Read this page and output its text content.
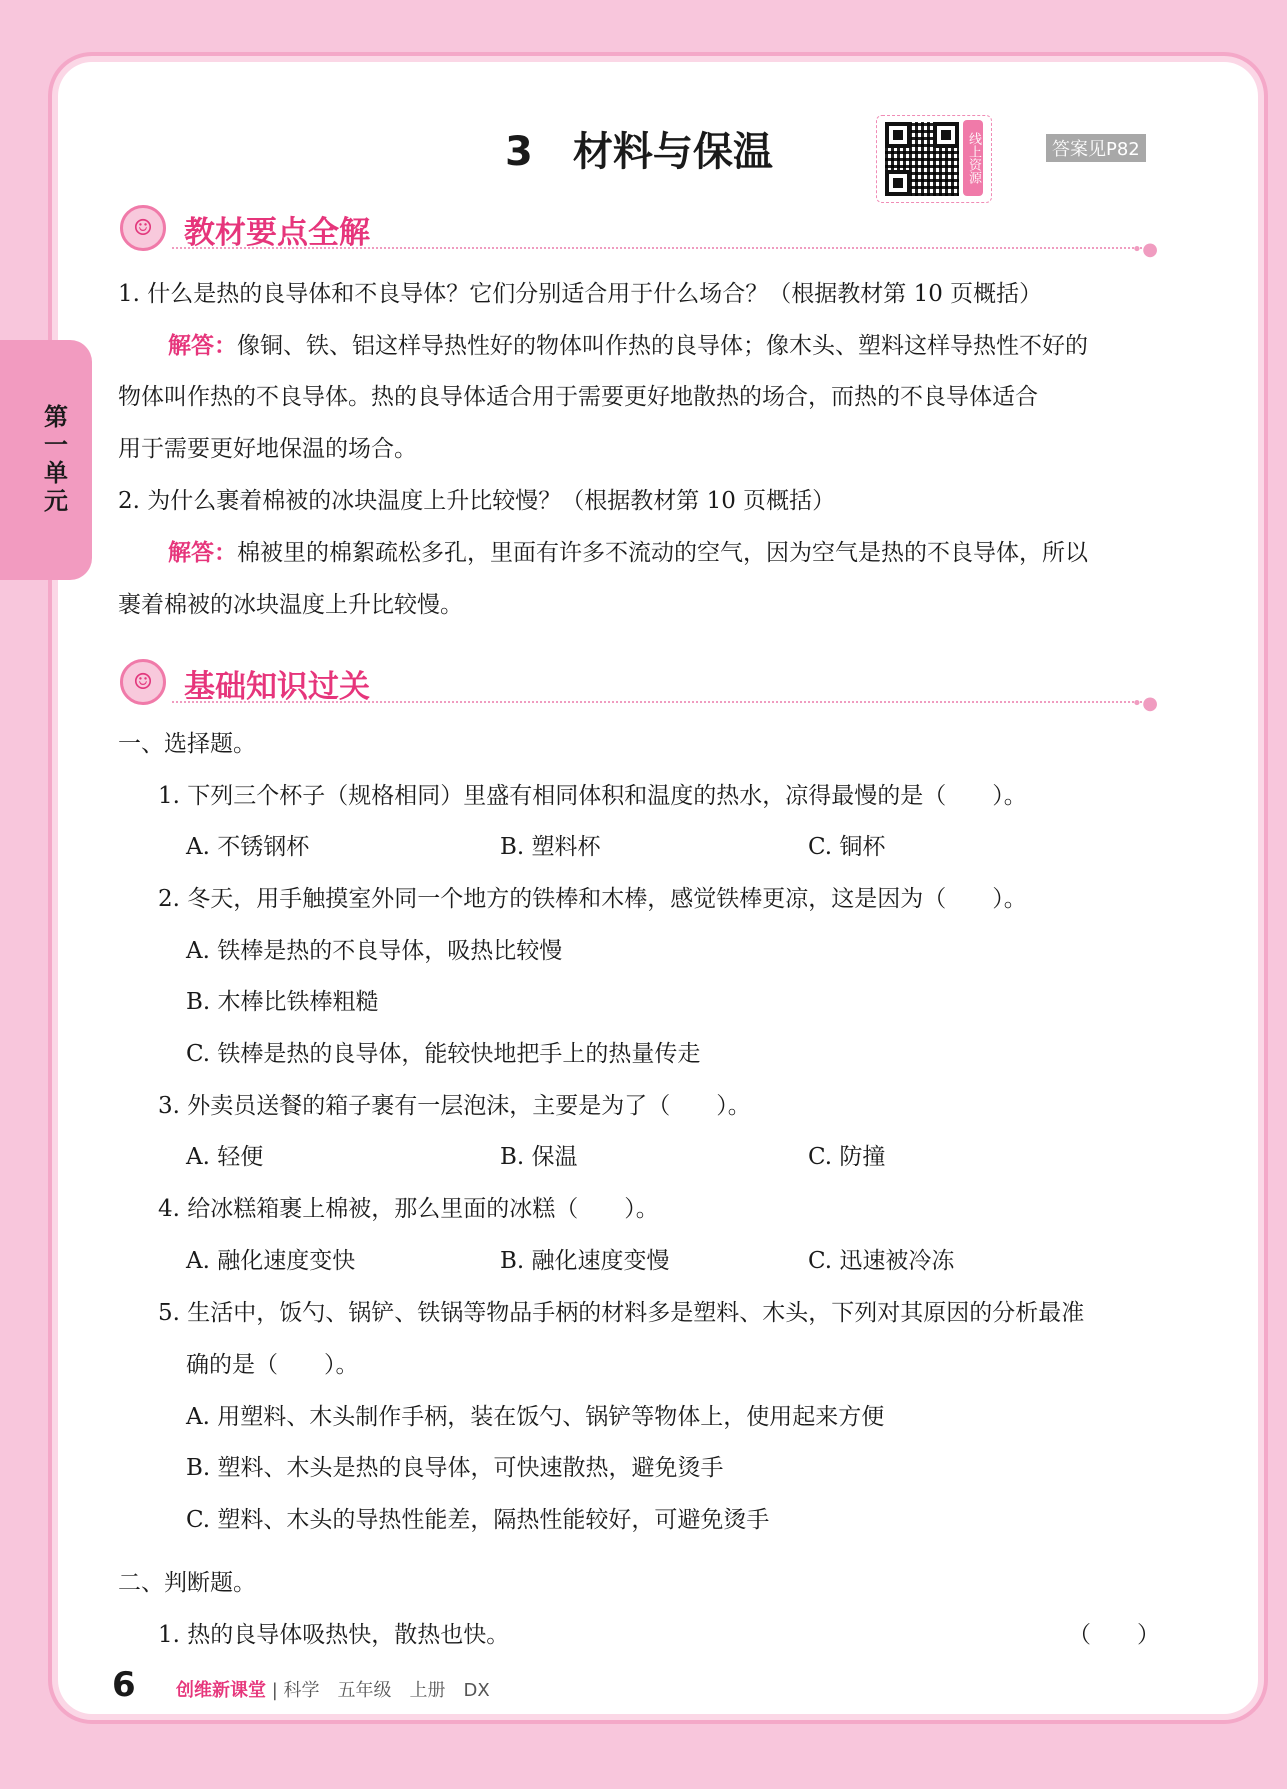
第一单元
3　材料与保温	线上资源	答案见P82
☺	教材要点全解	•●
1. 什么是热的良导体和不良导体？它们分别适合用于什么场合？（根据教材第 10 页概括）
解答：像铜、铁、铝这样导热性好的物体叫作热的良导体；像木头、塑料这样导热性不好的
物体叫作热的不良导体。热的良导体适合用于需要更好地散热的场合，而热的不良导体适合
用于需要更好地保温的场合。
2. 为什么裹着棉被的冰块温度上升比较慢？（根据教材第 10 页概括）
解答：棉被里的棉絮疏松多孔，里面有许多不流动的空气，因为空气是热的不良导体，所以
裹着棉被的冰块温度上升比较慢。
☺	基础知识过关	•●
一、选择题。
1. 下列三个杯子（规格相同）里盛有相同体积和温度的热水，凉得最慢的是（　　）。
A. 不锈钢杯	B. 塑料杯	C. 铜杯
2. 冬天，用手触摸室外同一个地方的铁棒和木棒，感觉铁棒更凉，这是因为（　　）。
A. 铁棒是热的不良导体，吸热比较慢
B. 木棒比铁棒粗糙
C. 铁棒是热的良导体，能较快地把手上的热量传走
3. 外卖员送餐的箱子裹有一层泡沫，主要是为了（　　）。
A. 轻便	B. 保温	C. 防撞
4. 给冰糕箱裹上棉被，那么里面的冰糕（　　）。
A. 融化速度变快	B. 融化速度变慢	C. 迅速被冷冻
5. 生活中，饭勺、锅铲、铁锅等物品手柄的材料多是塑料、木头，下列对其原因的分析最准
确的是（　　）。
A. 用塑料、木头制作手柄，装在饭勺、锅铲等物体上，使用起来方便
B. 塑料、木头是热的良导体，可快速散热，避免烫手
C. 塑料、木头的导热性能差，隔热性能较好，可避免烫手
二、判断题。
1. 热的良导体吸热快，散热也快。	（　　）
6 创维新课堂 | 科学　五年级　上册　DX
